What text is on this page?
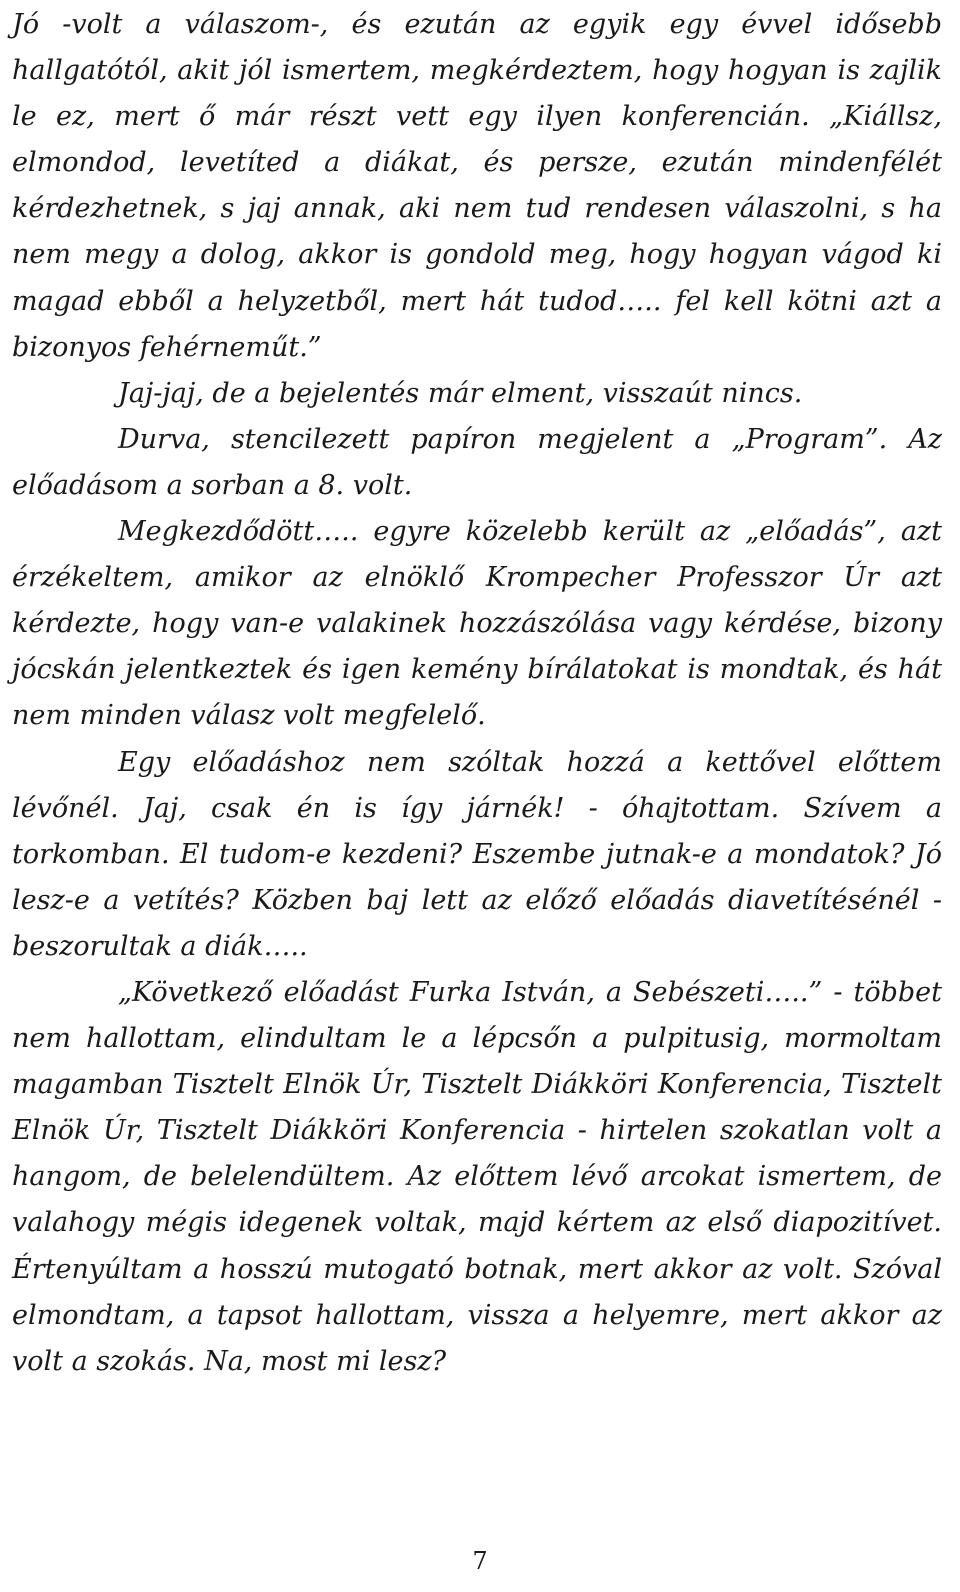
Jó -volt a válaszom-, és ezután az egyik egy évvel idősebb hallgatótól, akit jól ismertem, megkérdeztem, hogy hogyan is zajlik le ez, mert ő már részt vett egy ilyen konferencián. „Kiállsz, elmondod, levetíted a diákat, és persze, ezután mindenfélét kérdezhetnek, s jaj annak, aki nem tud rendesen válaszolni, s ha nem megy a dolog, akkor is gondold meg, hogy hogyan vágod ki magad ebből a helyzetből, mert hát tudod….. fel kell kötni azt a bizonyos fehérneműt.”

Jaj-jaj, de a bejelentés már elment, visszaút nincs.

Durva, stencilezett papíron megjelent a „Program”. Az előadásom a sorban a 8. volt.

Megkezdődött….. egyre közelebb került az „előadás”, azt érzékeltem, amikor az elnöklő Krompecher Professzor Úr azt kérdezte, hogy van-e valakinek hozzászólása vagy kérdése, bizony jócskán jelentkeztek és igen kemény bírálatokat is mondtak, és hát nem minden válasz volt megfelelő.

Egy előadáshoz nem szóltak hozzá a kettővel előttem lévőnél. Jaj, csak én is így járnék! - óhajtottam. Szívem a torkomban. El tudom-e kezdeni? Eszembe jutnak-e a mondatok? Jó lesz-e a vetítés? Közben baj lett az előző előadás diavetítésénél - beszorultak a diák…..

„Következő előadást Furka István, a Sebészeti…..” - többet nem hallottam, elindultam le a lépcsőn a pulpitusig, mormoltam magamban Tisztelt Elnök Úr, Tisztelt Diákköri Konferencia, Tisztelt Elnök Úr, Tisztelt Diákköri Konferencia - hirtelen szokatlan volt a hangom, de belelendültem. Az előttem lévő arcokat ismertem, de valahogy mégis idegenek voltak, majd kértem az első diapozitívet. Értenyúltam a hosszú mutogató botnak, mert akkor az volt. Szóval elmondtam, a tapsot hallottam, vissza a helyemre, mert akkor az volt a szokás. Na, most mi lesz?

7
